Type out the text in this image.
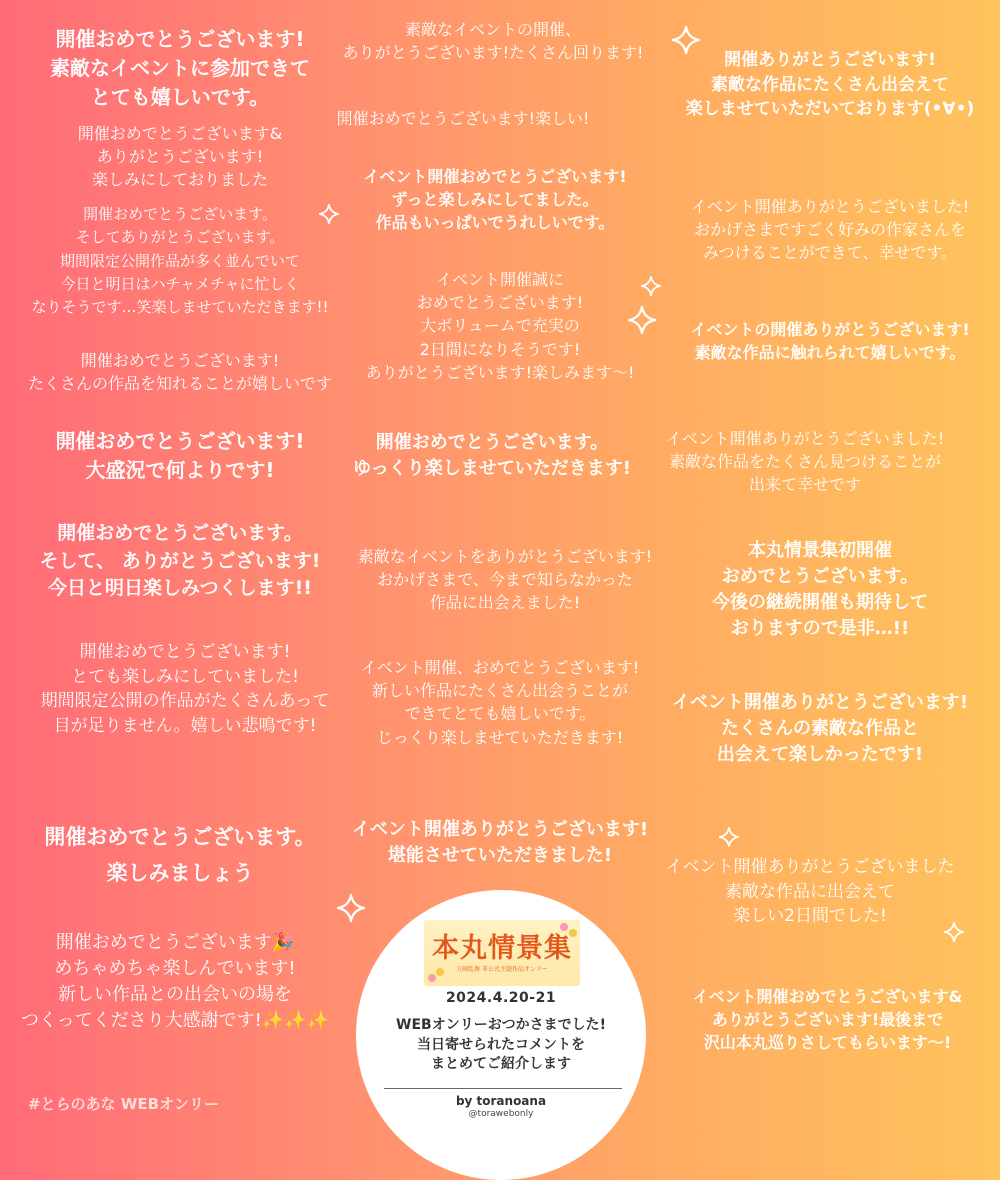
開催おめでとうございます!
素敵なイベントに参加できて
とても嬉しいです。

開催おめでとうございます&
ありがとうございます!
楽しみにしておりました

開催おめでとうございます。
そしてありがとうございます。
期間限定公開作品が多く並んでいて
今日と明日はハチャメチャに忙しく
なりそうです…笑楽しませていただきます!!

開催おめでとうございます!
たくさんの作品を知れることが嬉しいです

開催おめでとうございます!
大盛況で何よりです!

開催おめでとうございます。
そして、 ありがとうございます!
今日と明日楽しみつくします!!

開催おめでとうございます!
とても楽しみにしていました!
期間限定公開の作品がたくさんあって
目が足りません。嬉しい悲鳴です!

開催おめでとうございます。
楽しみましょう

開催おめでとうございます🎉
めちゃめちゃ楽しんでいます!
新しい作品との出会いの場を
つくってくださり大感謝です!✨✨✨

素敵なイベントの開催、
ありがとうございます!たくさん回ります!

開催おめでとうございます!楽しい!

イベント開催おめでとうございます!
ずっと楽しみにしてました。
作品もいっぱいでうれしいです。

イベント開催誠に
おめでとうございます!
大ボリュームで充実の
2日間になりそうです!
ありがとうございます!楽しみます〜!

開催おめでとうございます。
ゆっくり楽しませていただきます!

素敵なイベントをありがとうございます!
おかげさまで、今まで知らなかった
作品に出会えました!

イベント開催、おめでとうございます!
新しい作品にたくさん出会うことが
できてとても嬉しいです。
じっくり楽しませていただきます!

イベント開催ありがとうございます!
堪能させていただきました!

開催ありがとうございます!
素敵な作品にたくさん出会えて
楽しませていただいております(•∀•)

イベント開催ありがとうございました!
おかげさまですごく好みの作家さんを
みつけることができて、幸せです。

イベントの開催ありがとうございます!
素敵な作品に触れられて嬉しいです。

イベント開催ありがとうございました!
素敵な作品をたくさん見つけることが
出来て幸せです

本丸情景集初開催
おめでとうございます。
今後の継続開催も期待して
おりますので是非…!!

イベント開催ありがとうございます!
たくさんの素敵な作品と
出会えて楽しかったです!

イベント開催ありがとうございました
素敵な作品に出会えて
楽しい2日間でした!

イベント開催おめでとうございます&
ありがとうございます!最後まで
沢山本丸巡りさしてもらいます〜!

本丸情景集
刀剣乱舞 非公式主題作品オンリー
2024.4.20-21
WEBオンリーおつかさまでした!
当日寄せられたコメントを
まとめてご紹介します
by toranoana
@torawebonly
#とらのあな WEBオンリー
